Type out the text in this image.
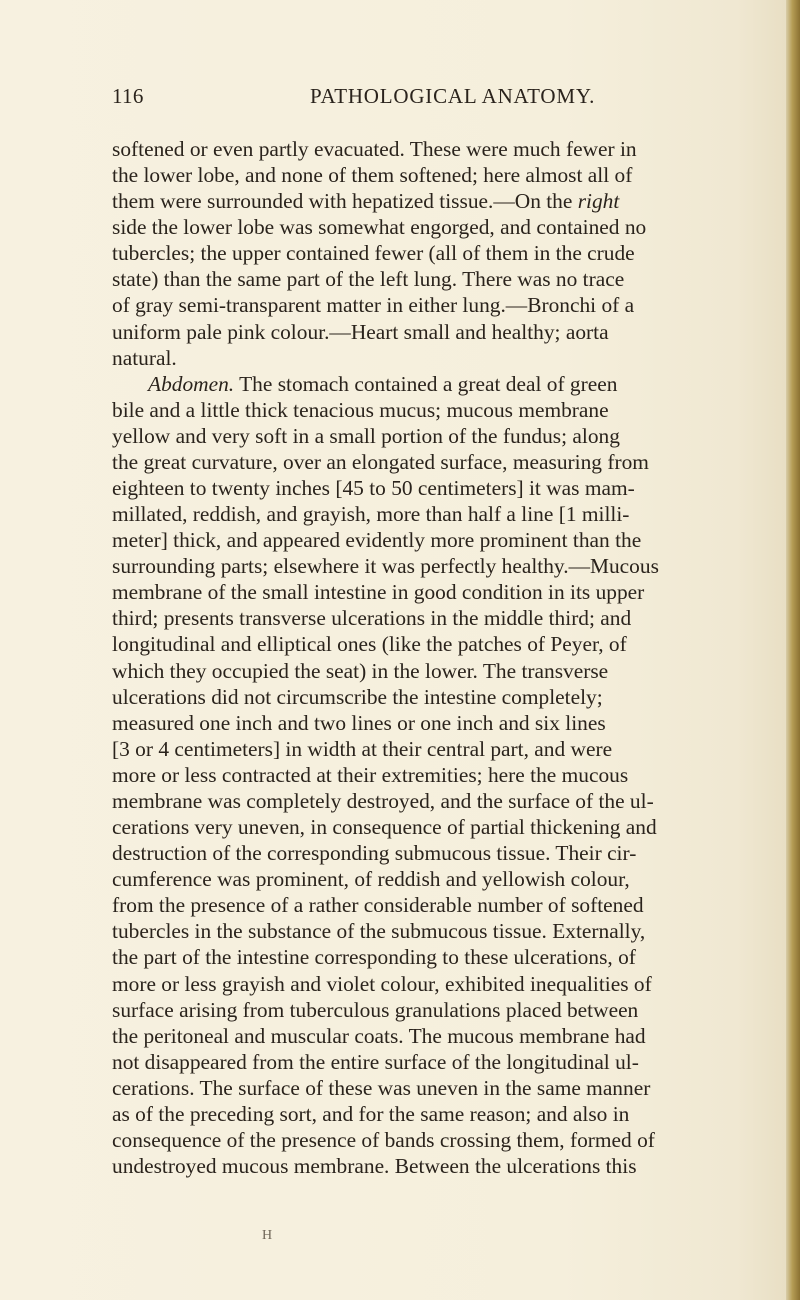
116	PATHOLOGICAL ANATOMY.
softened or even partly evacuated. These were much fewer in
the lower lobe, and none of them softened; here almost all of
them were surrounded with hepatized tissue.—On the right
side the lower lobe was somewhat engorged, and contained no
tubercles; the upper contained fewer (all of them in the crude
state) than the same part of the left lung. There was no trace
of gray semi-transparent matter in either lung.—Bronchi of a
uniform pale pink colour.—Heart small and healthy; aorta
natural.
Abdomen. The stomach contained a great deal of green
bile and a little thick tenacious mucus; mucous membrane
yellow and very soft in a small portion of the fundus; along
the great curvature, over an elongated surface, measuring from
eighteen to twenty inches [45 to 50 centimeters] it was mam-
millated, reddish, and grayish, more than half a line [1 milli-
meter] thick, and appeared evidently more prominent than the
surrounding parts; elsewhere it was perfectly healthy.—Mucous
membrane of the small intestine in good condition in its upper
third; presents transverse ulcerations in the middle third; and
longitudinal and elliptical ones (like the patches of Peyer, of
which they occupied the seat) in the lower. The transverse
ulcerations did not circumscribe the intestine completely;
measured one inch and two lines or one inch and six lines
[3 or 4 centimeters] in width at their central part, and were
more or less contracted at their extremities; here the mucous
membrane was completely destroyed, and the surface of the ul-
cerations very uneven, in consequence of partial thickening and
destruction of the corresponding submucous tissue. Their cir-
cumference was prominent, of reddish and yellowish colour,
from the presence of a rather considerable number of softened
tubercles in the substance of the submucous tissue. Externally,
the part of the intestine corresponding to these ulcerations, of
more or less grayish and violet colour, exhibited inequalities of
surface arising from tuberculous granulations placed between
the peritoneal and muscular coats. The mucous membrane had
not disappeared from the entire surface of the longitudinal ul-
cerations. The surface of these was uneven in the same manner
as of the preceding sort, and for the same reason; and also in
consequence of the presence of bands crossing them, formed of
undestroyed mucous membrane. Between the ulcerations this
H
